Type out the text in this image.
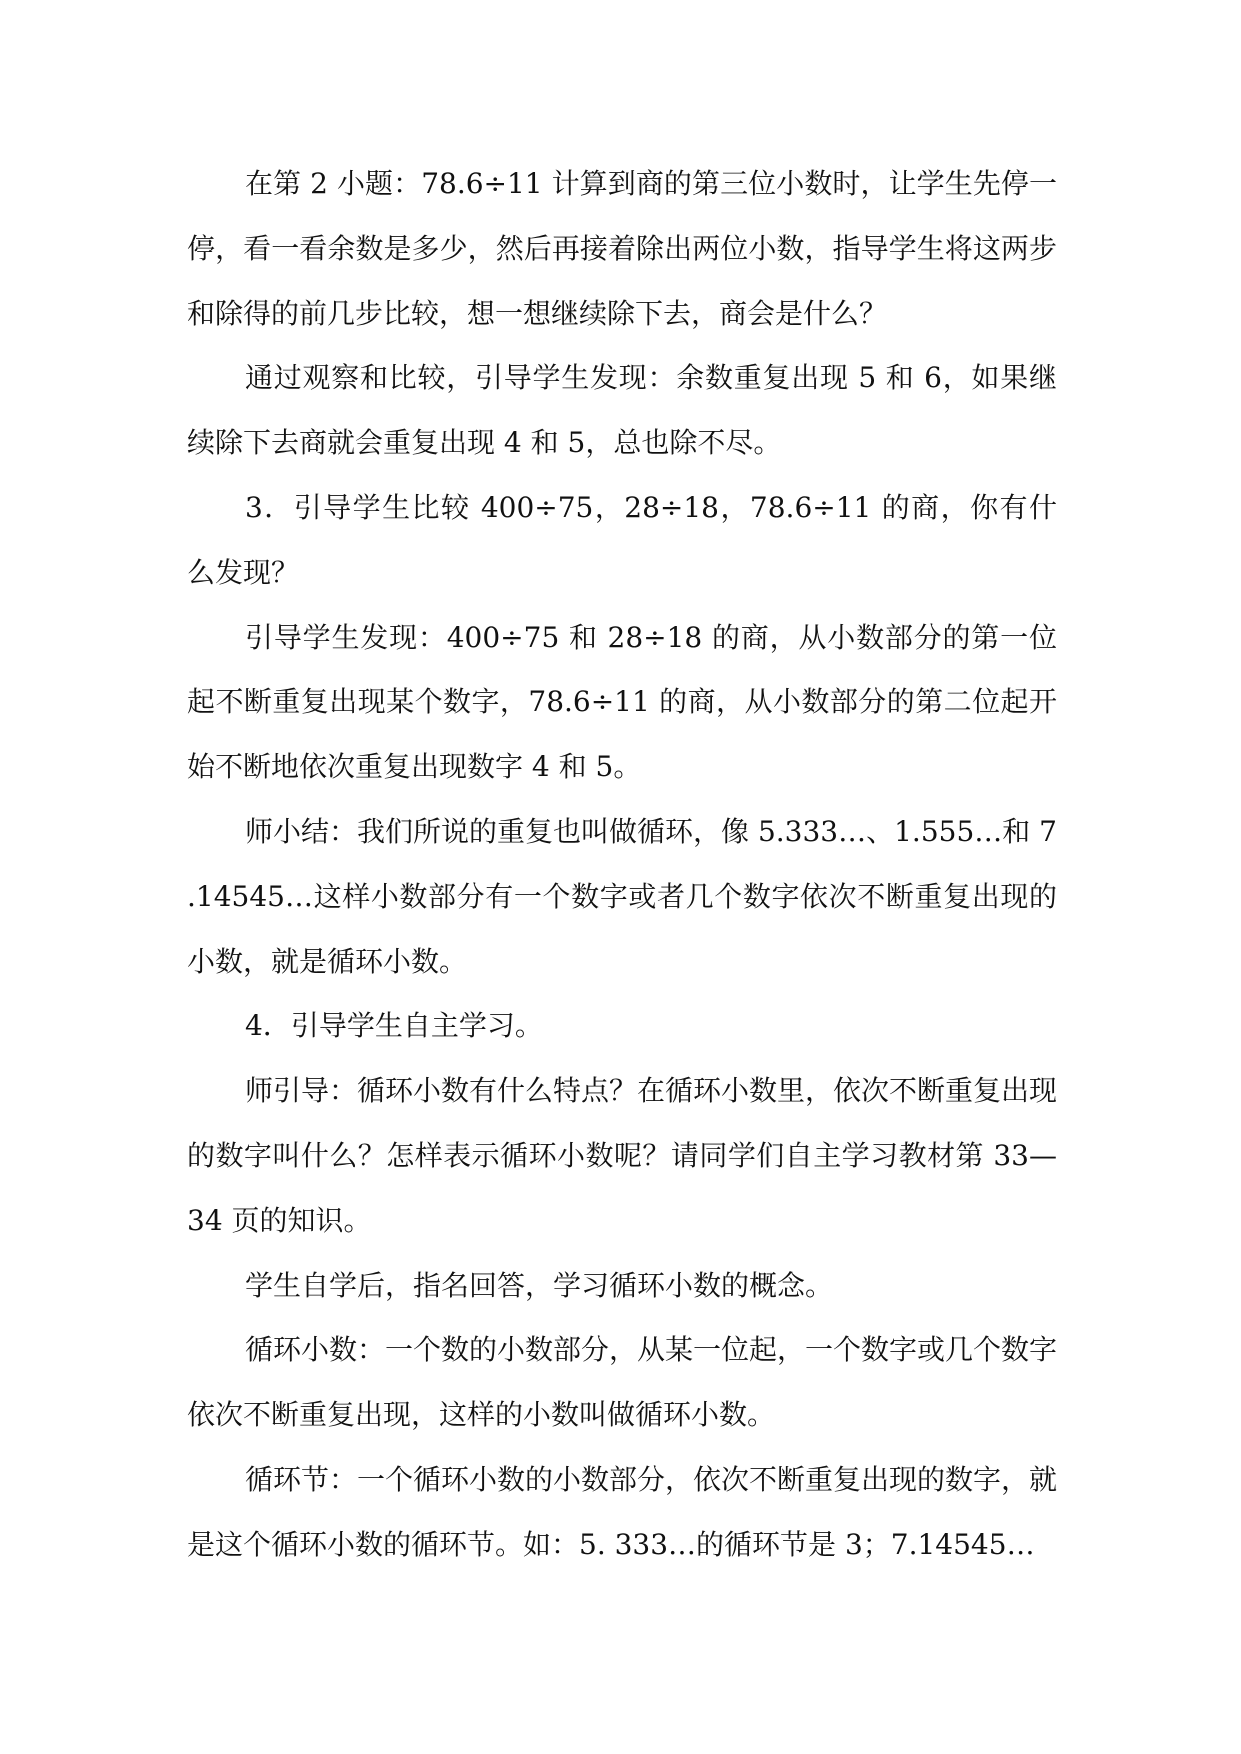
在第 2 小题：78.6÷11 计算到商的第三位小数时，让学生先停一停，看一看余数是多少，然后再接着除出两位小数，指导学生将这两步和除得的前几步比较，想一想继续除下去，商会是什么？

通过观察和比较，引导学生发现：余数重复出现 5 和 6，如果继续除下去商就会重复出现 4 和 5，总也除不尽。

3．引导学生比较 400÷75，28÷18，78.6÷11 的商，你有什么发现？

引导学生发现：400÷75 和 28÷18 的商，从小数部分的第一位起不断重复出现某个数字，78.6÷11 的商，从小数部分的第二位起开始不断地依次重复出现数字 4 和 5。

师小结：我们所说的重复也叫做循环，像 5.333…、1.555…和 7.14545…这样小数部分有一个数字或者几个数字依次不断重复出现的小数，就是循环小数。

4．引导学生自主学习。

师引导：循环小数有什么特点？在循环小数里，依次不断重复出现的数字叫什么？怎样表示循环小数呢？请同学们自主学习教材第 33—34 页的知识。

学生自学后，指名回答，学习循环小数的概念。

循环小数：一个数的小数部分，从某一位起，一个数字或几个数字依次不断重复出现，这样的小数叫做循环小数。

循环节：一个循环小数的小数部分，依次不断重复出现的数字，就是这个循环小数的循环节。如：5. 333…的循环节是 3；7.14545…
